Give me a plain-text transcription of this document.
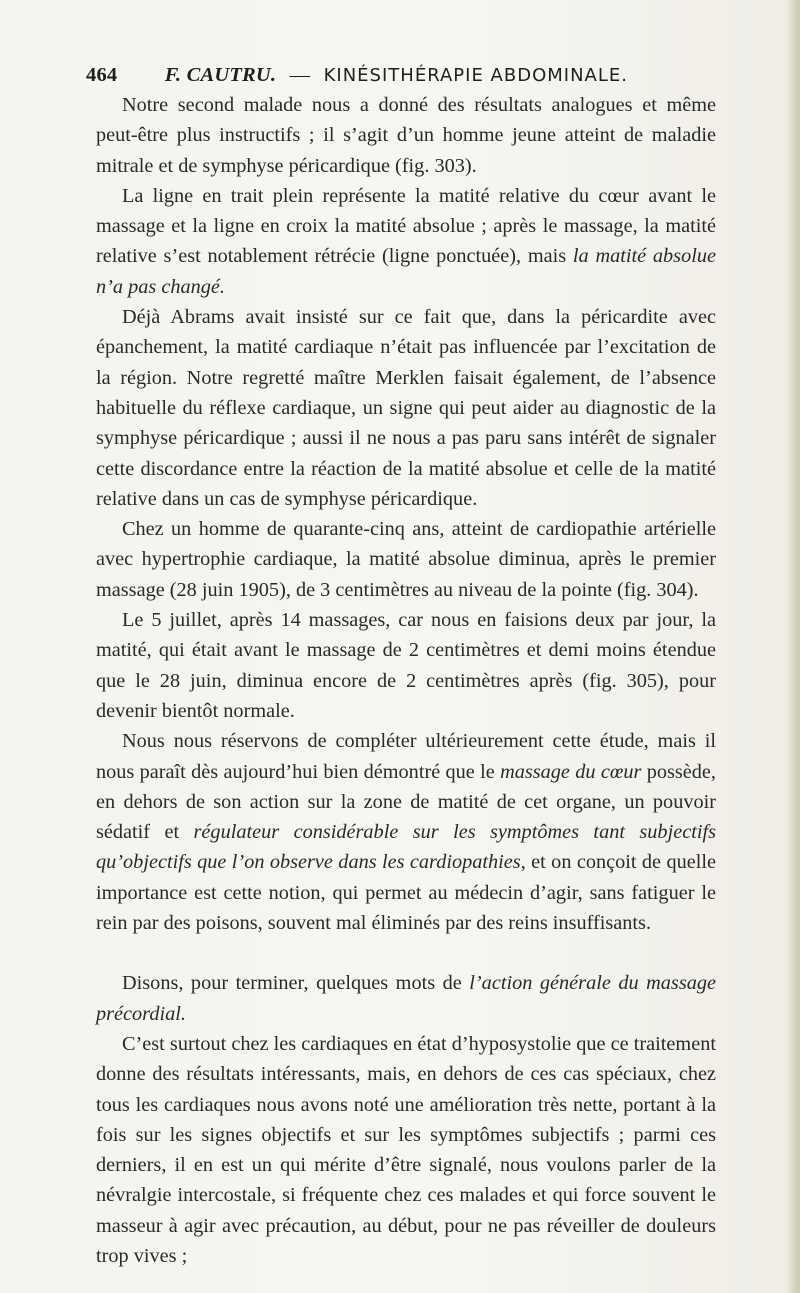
464 F. CAUTRU. — KINÉSITHÉRAPIE ABDOMINALE.

Notre second malade nous a donné des résultats analogues et même peut-être plus instructifs ; il s’agit d’un homme jeune atteint de maladie mitrale et de symphyse péricardique (fig. 303).

La ligne en trait plein représente la matité relative du cœur avant le massage et la ligne en croix la matité absolue ; après le massage, la matité relative s’est notablement rétrécie (ligne ponctuée), mais la matité absolue n’a pas changé.

Déjà Abrams avait insisté sur ce fait que, dans la péricardite avec épanchement, la matité cardiaque n’était pas influencée par l’excitation de la région. Notre regretté maître Merklen faisait également, de l’absence habituelle du réflexe cardiaque, un signe qui peut aider au diagnostic de la symphyse péricardique ; aussi il ne nous a pas paru sans intérêt de signaler cette discordance entre la réaction de la matité absolue et celle de la matité relative dans un cas de symphyse péricardique.

Chez un homme de quarante-cinq ans, atteint de cardiopathie artérielle avec hypertrophie cardiaque, la matité absolue diminua, après le premier massage (28 juin 1905), de 3 centimètres au niveau de la pointe (fig. 304).

Le 5 juillet, après 14 massages, car nous en faisions deux par jour, la matité, qui était avant le massage de 2 centimètres et demi moins étendue que le 28 juin, diminua encore de 2 centimètres après (fig. 305), pour devenir bientôt normale.

Nous nous réservons de compléter ultérieurement cette étude, mais il nous paraît dès aujourd’hui bien démontré que le massage du cœur possède, en dehors de son action sur la zone de matité de cet organe, un pouvoir sédatif et régulateur considérable sur les symptômes tant subjectifs qu’objectifs que l’on observe dans les cardiopathies, et on conçoit de quelle importance est cette notion, qui permet au médecin d’agir, sans fatiguer le rein par des poisons, souvent mal éliminés par des reins insuffisants.

Disons, pour terminer, quelques mots de l’action générale du massage précordial.

C’est surtout chez les cardiaques en état d’hyposystolie que ce traitement donne des résultats intéressants, mais, en dehors de ces cas spéciaux, chez tous les cardiaques nous avons noté une amélioration très nette, portant à la fois sur les signes objectifs et sur les symptômes subjectifs ; parmi ces derniers, il en est un qui mérite d’être signalé, nous voulons parler de la névralgie intercostale, si fréquente chez ces malades et qui force souvent le masseur à agir avec précaution, au début, pour ne pas réveiller de douleurs trop vives ;
